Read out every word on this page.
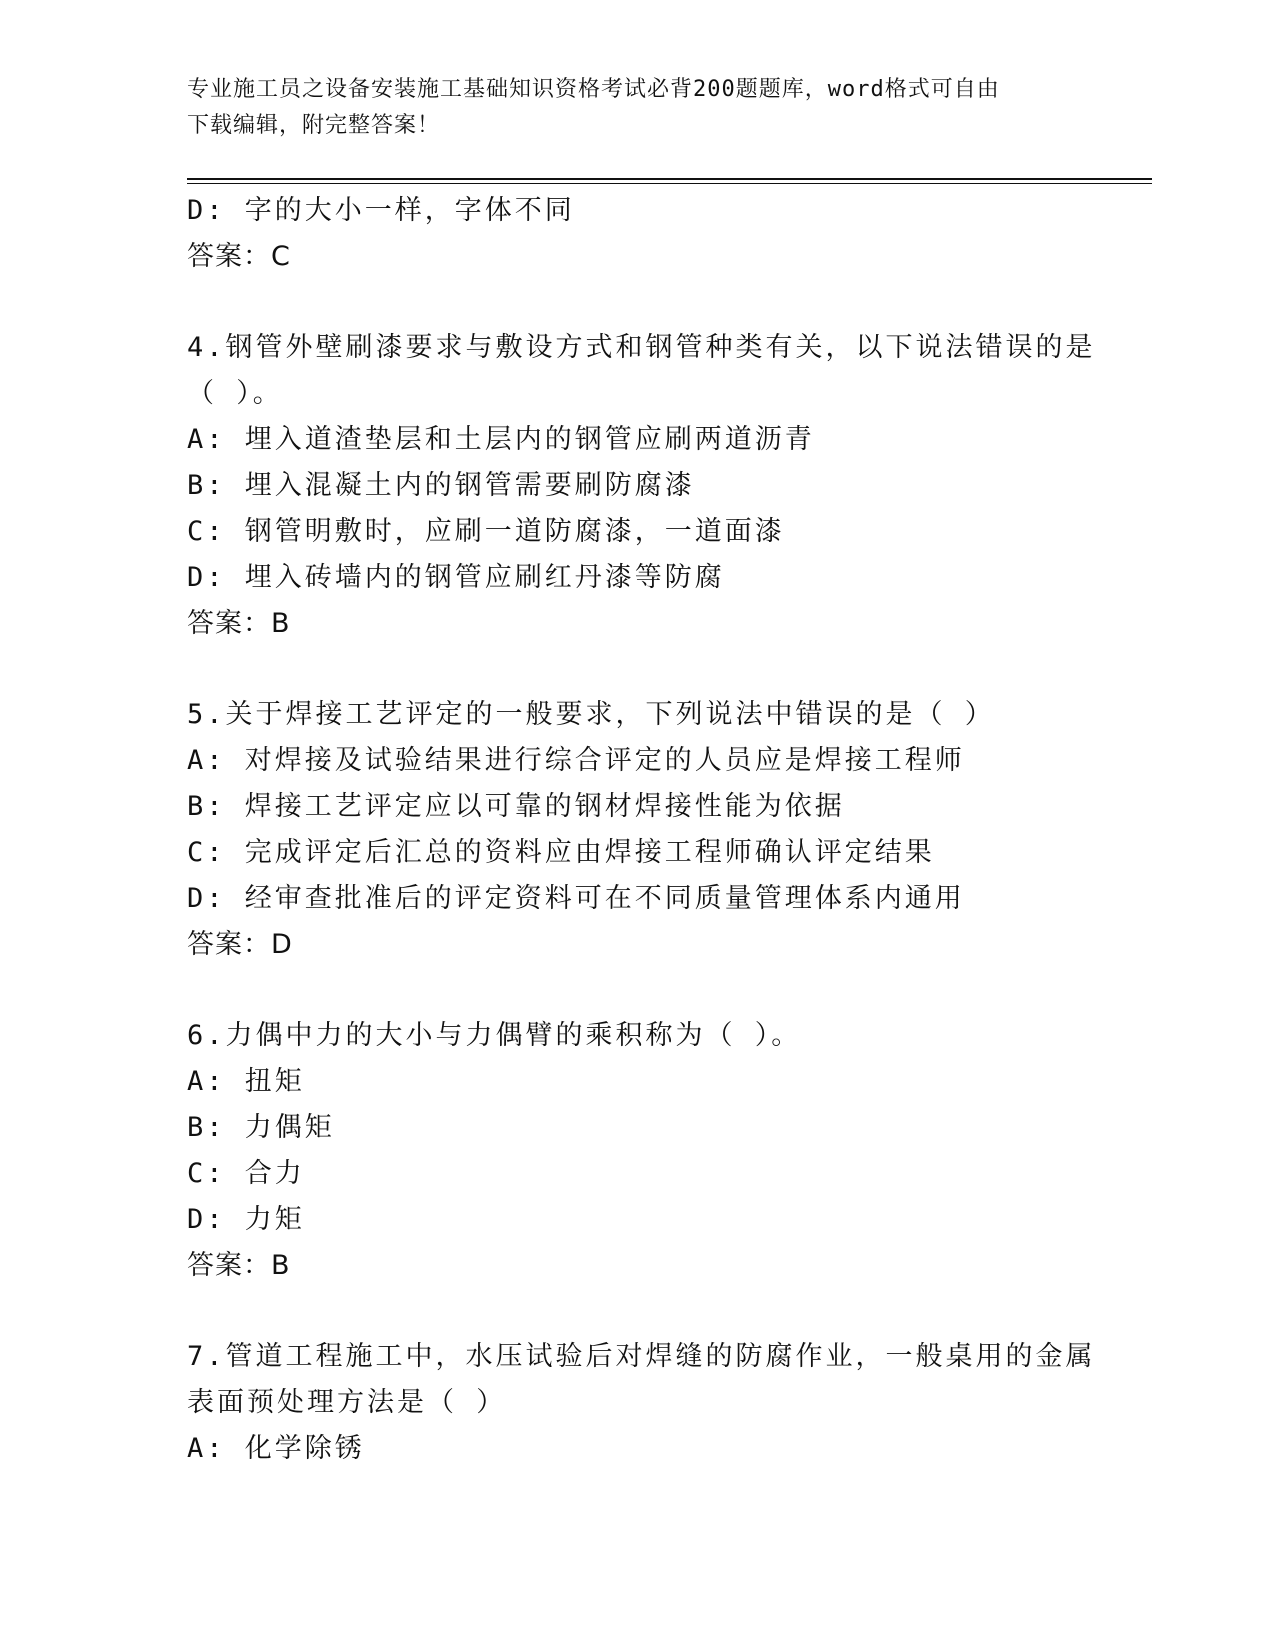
专业施工员之设备安装施工基础知识资格考试必背200题题库，word格式可自由
下载编辑，附完整答案！
D: 字的大小一样，字体不同
答案：C
4.钢管外壁刷漆要求与敷设方式和钢管种类有关，以下说法错误的是
（ ）。
A: 埋入道渣垫层和土层内的钢管应刷两道沥青
B: 埋入混凝土内的钢管需要刷防腐漆
C: 钢管明敷时，应刷一道防腐漆，一道面漆
D: 埋入砖墙内的钢管应刷红丹漆等防腐
答案：B
5.关于焊接工艺评定的一般要求，下列说法中错误的是（ ）
A: 对焊接及试验结果进行综合评定的人员应是焊接工程师
B: 焊接工艺评定应以可靠的钢材焊接性能为依据
C: 完成评定后汇总的资料应由焊接工程师确认评定结果
D: 经审查批准后的评定资料可在不同质量管理体系内通用
答案：D
6.力偶中力的大小与力偶臂的乘积称为（ ）。
A: 扭矩
B: 力偶矩
C: 合力
D: 力矩
答案：B
7.管道工程施工中，水压试验后对焊缝的防腐作业，一般桌用的金属
表面预处理方法是（ ）
A: 化学除锈
